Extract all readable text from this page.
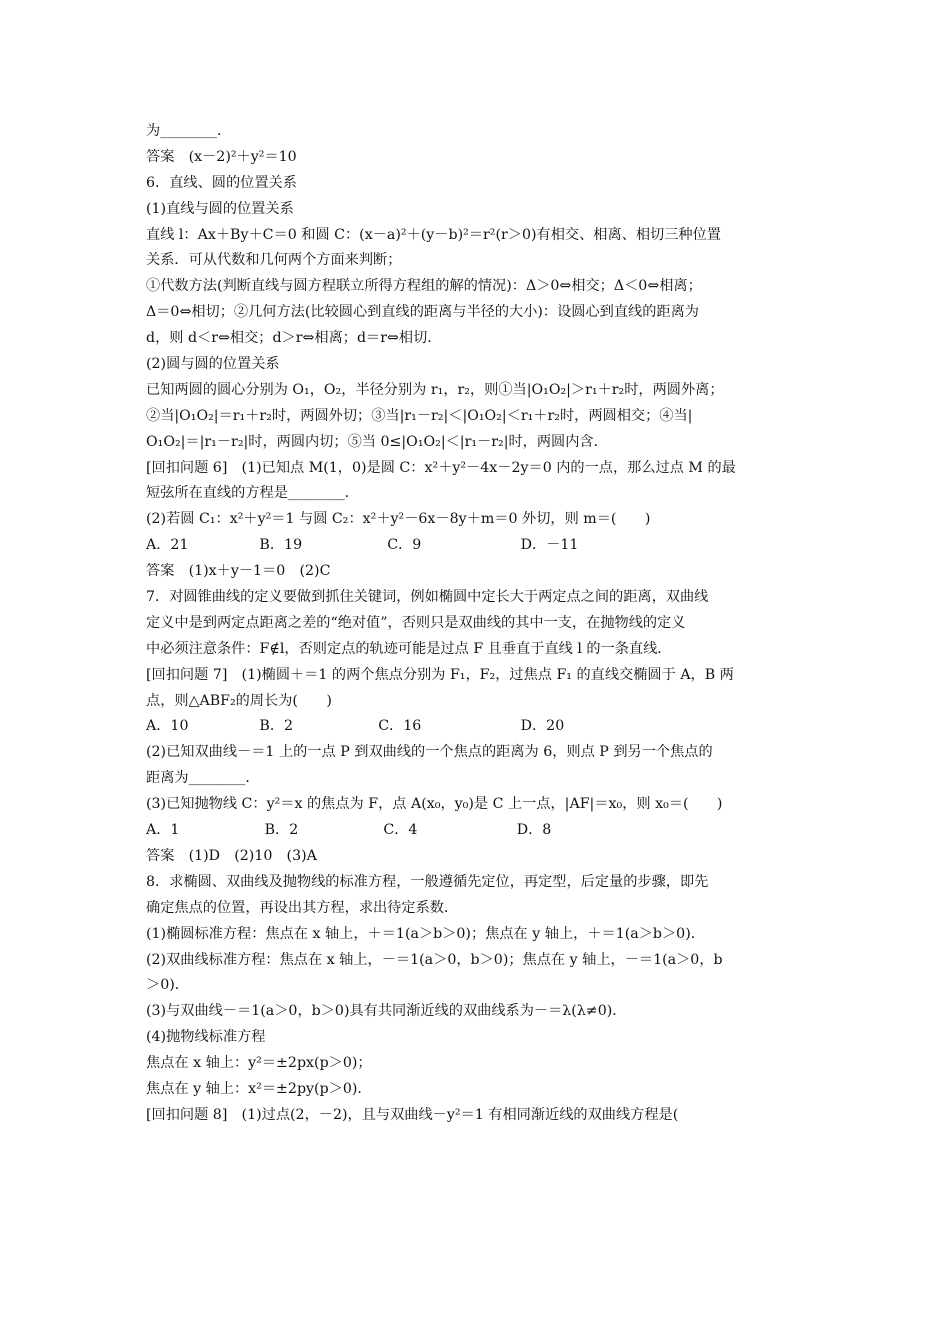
为________．
答案　(x－2)²＋y²＝10
6．直线、圆的位置关系
(1)直线与圆的位置关系
直线 l：Ax＋By＋C＝0 和圆 C：(x－a)²＋(y－b)²＝r²(r＞0)有相交、相离、相切三种位置
关系．可从代数和几何两个方面来判断；
①代数方法(判断直线与圆方程联立所得方程组的解的情况)：Δ＞0⇔相交；Δ＜0⇔相离；
Δ＝0⇔相切；②几何方法(比较圆心到直线的距离与半径的大小)：设圆心到直线的距离为
d，则 d＜r⇔相交；d＞r⇔相离；d＝r⇔相切．
(2)圆与圆的位置关系
已知两圆的圆心分别为 O₁，O₂，半径分别为 r₁，r₂，则①当|O₁O₂|＞r₁＋r₂时，两圆外离；
②当|O₁O₂|＝r₁＋r₂时，两圆外切；③当|r₁－r₂|＜|O₁O₂|＜r₁＋r₂时，两圆相交；④当|
O₁O₂|＝|r₁－r₂|时，两圆内切；⑤当 0≤|O₁O₂|＜|r₁－r₂|时，两圆内含．
[回扣问题 6]　(1)已知点 M(1，0)是圆 C：x²＋y²－4x－2y＝0 内的一点，那么过点 M 的最
短弦所在直线的方程是________．
(2)若圆 C₁：x²＋y²＝1 与圆 C₂：x²＋y²－6x－8y＋m＝0 外切，则 m＝(　　)
A．21　　　　　B．19　　　　　　C．9　　　　　　　D．－11
答案　(1)x＋y－1＝0　(2)C
7．对圆锥曲线的定义要做到抓住关键词，例如椭圆中定长大于两定点之间的距离，双曲线
定义中是到两定点距离之差的“绝对值”，否则只是双曲线的其中一支，在抛物线的定义
中必须注意条件：F∉l，否则定点的轨迹可能是过点 F 且垂直于直线 l 的一条直线．
[回扣问题 7]　(1)椭圆＋＝1 的两个焦点分别为 F₁，F₂，过焦点 F₁ 的直线交椭圆于 A，B 两
点，则△ABF₂的周长为(　　)
A．10　　　　　B．2　　　　　　C．16　　　　　　　D．20
(2)已知双曲线－＝1 上的一点 P 到双曲线的一个焦点的距离为 6，则点 P 到另一个焦点的
距离为________．
(3)已知抛物线 C：y²＝x 的焦点为 F，点 A(x₀，y₀)是 C 上一点，|AF|＝x₀，则 x₀＝(　　)
A．1　　　　　　B．2　　　　　　C．4　　　　　　　D．8
答案　(1)D　(2)10　(3)A
8．求椭圆、双曲线及抛物线的标准方程，一般遵循先定位，再定型，后定量的步骤，即先
确定焦点的位置，再设出其方程，求出待定系数．
(1)椭圆标准方程：焦点在 x 轴上，＋＝1(a＞b＞0)；焦点在 y 轴上，＋＝1(a＞b＞0)．
(2)双曲线标准方程：焦点在 x 轴上，－＝1(a＞0，b＞0)；焦点在 y 轴上，－＝1(a＞0，b
＞0)．
(3)与双曲线－＝1(a＞0，b＞0)具有共同渐近线的双曲线系为－＝λ(λ≠0)．
(4)抛物线标准方程
焦点在 x 轴上：y²＝±2px(p＞0)；
焦点在 y 轴上：x²＝±2py(p＞0)．
[回扣问题 8]　(1)过点(2，－2)，且与双曲线－y²＝1 有相同渐近线的双曲线方程是(
